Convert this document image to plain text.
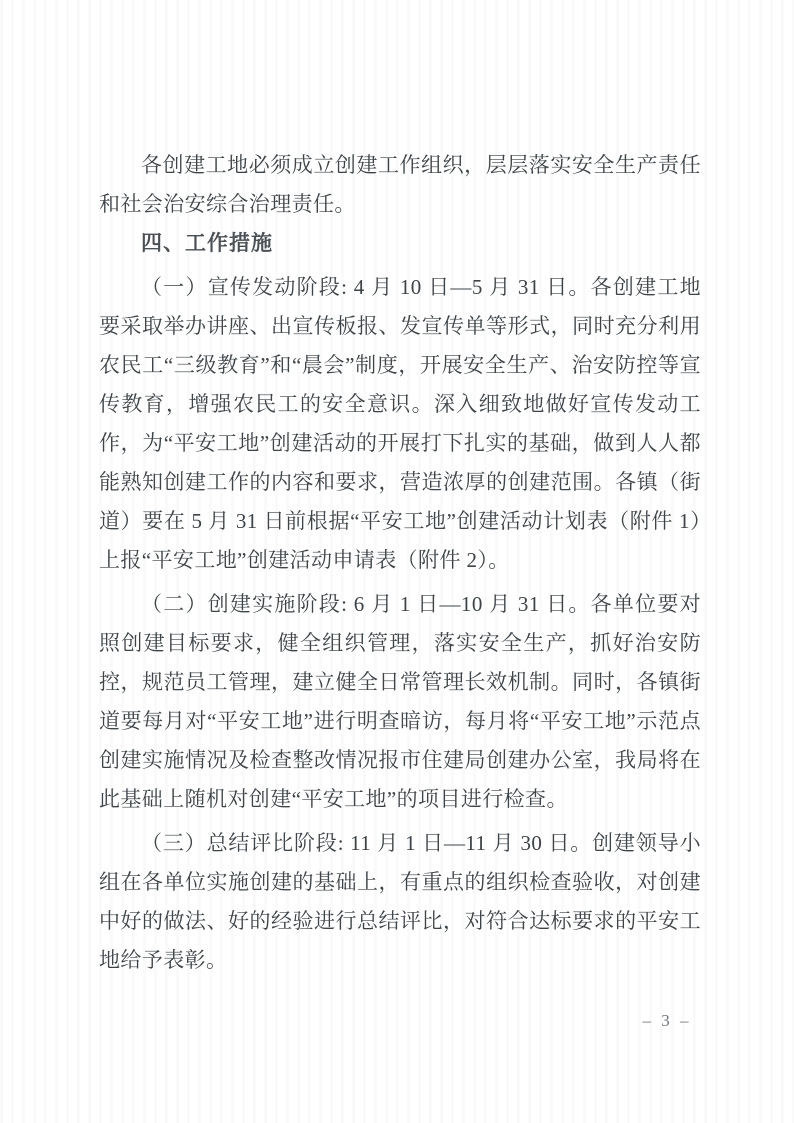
各创建工地必须成立创建工作组织，层层落实安全生产责任和社会治安综合治理责任。

四、工作措施

（一）宣传发动阶段: 4 月 10 日—5 月 31 日。各创建工地要采取举办讲座、出宣传板报、发宣传单等形式，同时充分利用农民工“三级教育”和“晨会”制度，开展安全生产、治安防控等宣传教育，增强农民工的安全意识。深入细致地做好宣传发动工作，为“平安工地”创建活动的开展打下扎实的基础，做到人人都能熟知创建工作的内容和要求，营造浓厚的创建范围。各镇（街道）要在 5 月 31 日前根据“平安工地”创建活动计划表（附件 1）上报“平安工地”创建活动申请表（附件 2）。

（二）创建实施阶段: 6 月 1 日—10 月 31 日。各单位要对照创建目标要求，健全组织管理，落实安全生产，抓好治安防控，规范员工管理，建立健全日常管理长效机制。同时，各镇街道要每月对“平安工地”进行明查暗访，每月将“平安工地”示范点创建实施情况及检查整改情况报市住建局创建办公室，我局将在此基础上随机对创建“平安工地”的项目进行检查。

（三）总结评比阶段: 11 月 1 日—11 月 30 日。创建领导小组在各单位实施创建的基础上，有重点的组织检查验收，对创建中好的做法、好的经验进行总结评比，对符合达标要求的平安工地给予表彰。

– 3 –
